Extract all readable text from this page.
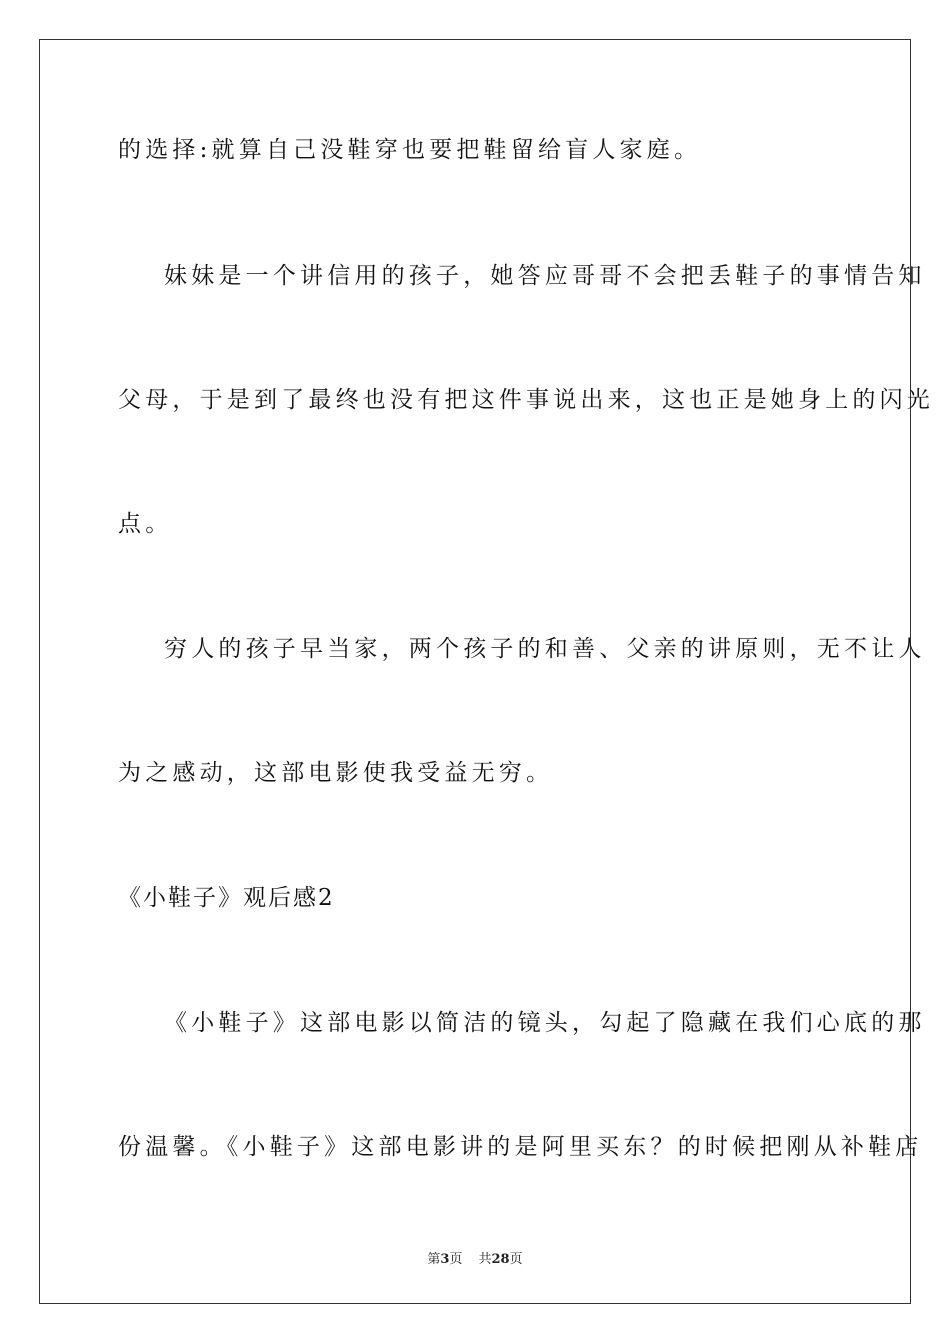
的选择:就算自己没鞋穿也要把鞋留给盲人家庭。
妹妹是一个讲信用的孩子，她答应哥哥不会把丢鞋子的事情告知
父母，于是到了最终也没有把这件事说出来，这也正是她身上的闪光
点。
穷人的孩子早当家，两个孩子的和善、父亲的讲原则，无不让人
为之感动，这部电影使我受益无穷。
《小鞋子》观后感2
《小鞋子》这部电影以简洁的镜头，勾起了隐藏在我们心底的那
份温馨。《小鞋子》这部电影讲的是阿里买东？的时候把刚从补鞋店
第3页 共28页
